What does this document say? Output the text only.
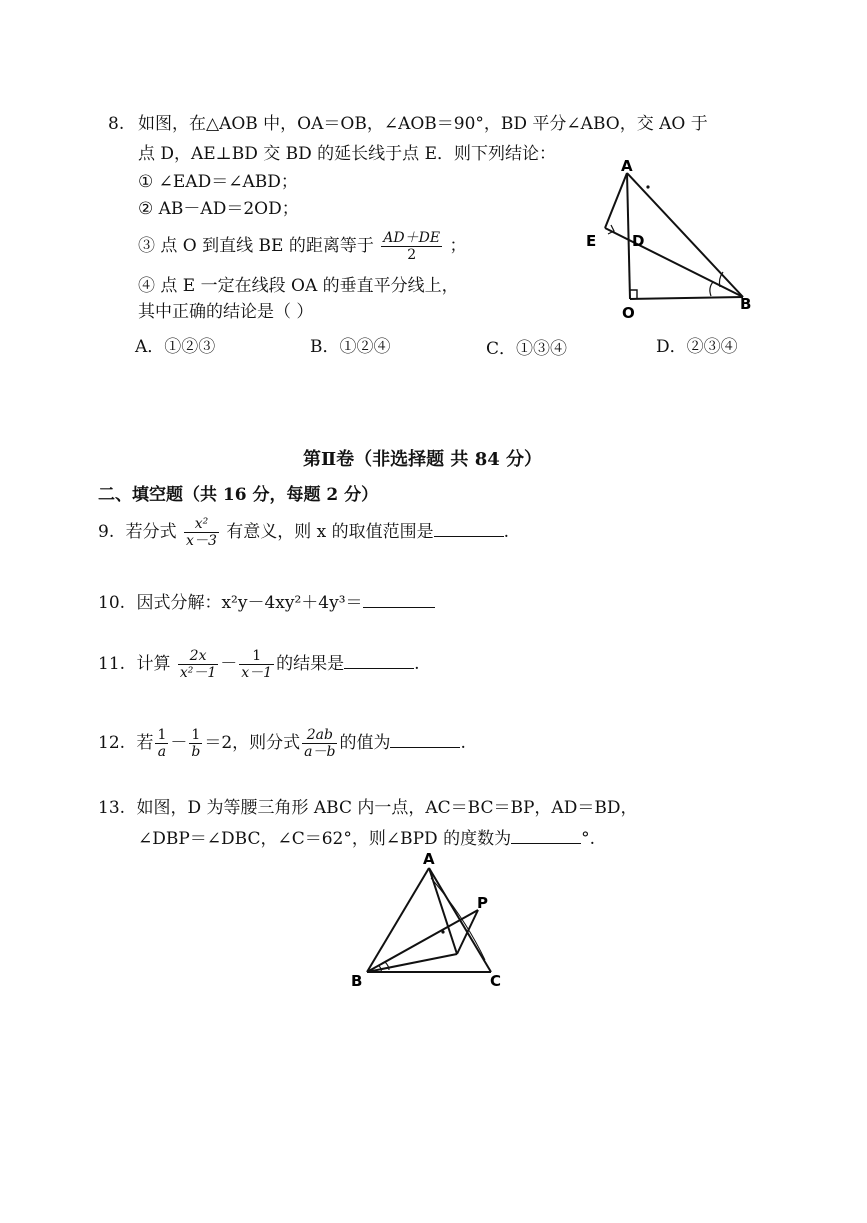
8. 如图，在△AOB 中，OA＝OB，∠AOB＝90°，BD 平分∠ABO，交 AO 于
点 D，AE⊥BD 交 BD 的延长线于点 E．则下列结论：
① ∠EAD＝∠ABD；
② AB－AD＝2OD；
③ 点 O 到直线 BE 的距离等于 $\frac{AD+DE}{2}$ ；
④ 点 E 一定在线段 OA 的垂直平分线上，
其中正确的结论是（ ）
A．①②③	B．①②④	C．①③④	D．②③④
A
E D
O	B
第Ⅱ卷（非选择题 共 84 分）
二、填空题（共 16 分，每题 2 分）
9. 若分式 $\frac{\text{x²}}{x-3}$ 有意义，则 x 的取值范围是	.
10. 因式分解：x²y－4xy²＋4y³＝
11. 计算 $\frac{2x}{\text{x²－1}} - \frac{1}{x-1}$ 的结果是	.
12. 若 $\frac{1}{a} - \frac{1}{b} =2$，则分式 $\frac{2ab}{a-b}$ 的值为	.
13. 如图，D 为等腰三角形 ABC 内一点，AC＝BC＝BP，AD＝BD，
∠DBP＝∠DBC，∠C＝62°，则∠BPD 的度数为	°.
A
P
B	C
